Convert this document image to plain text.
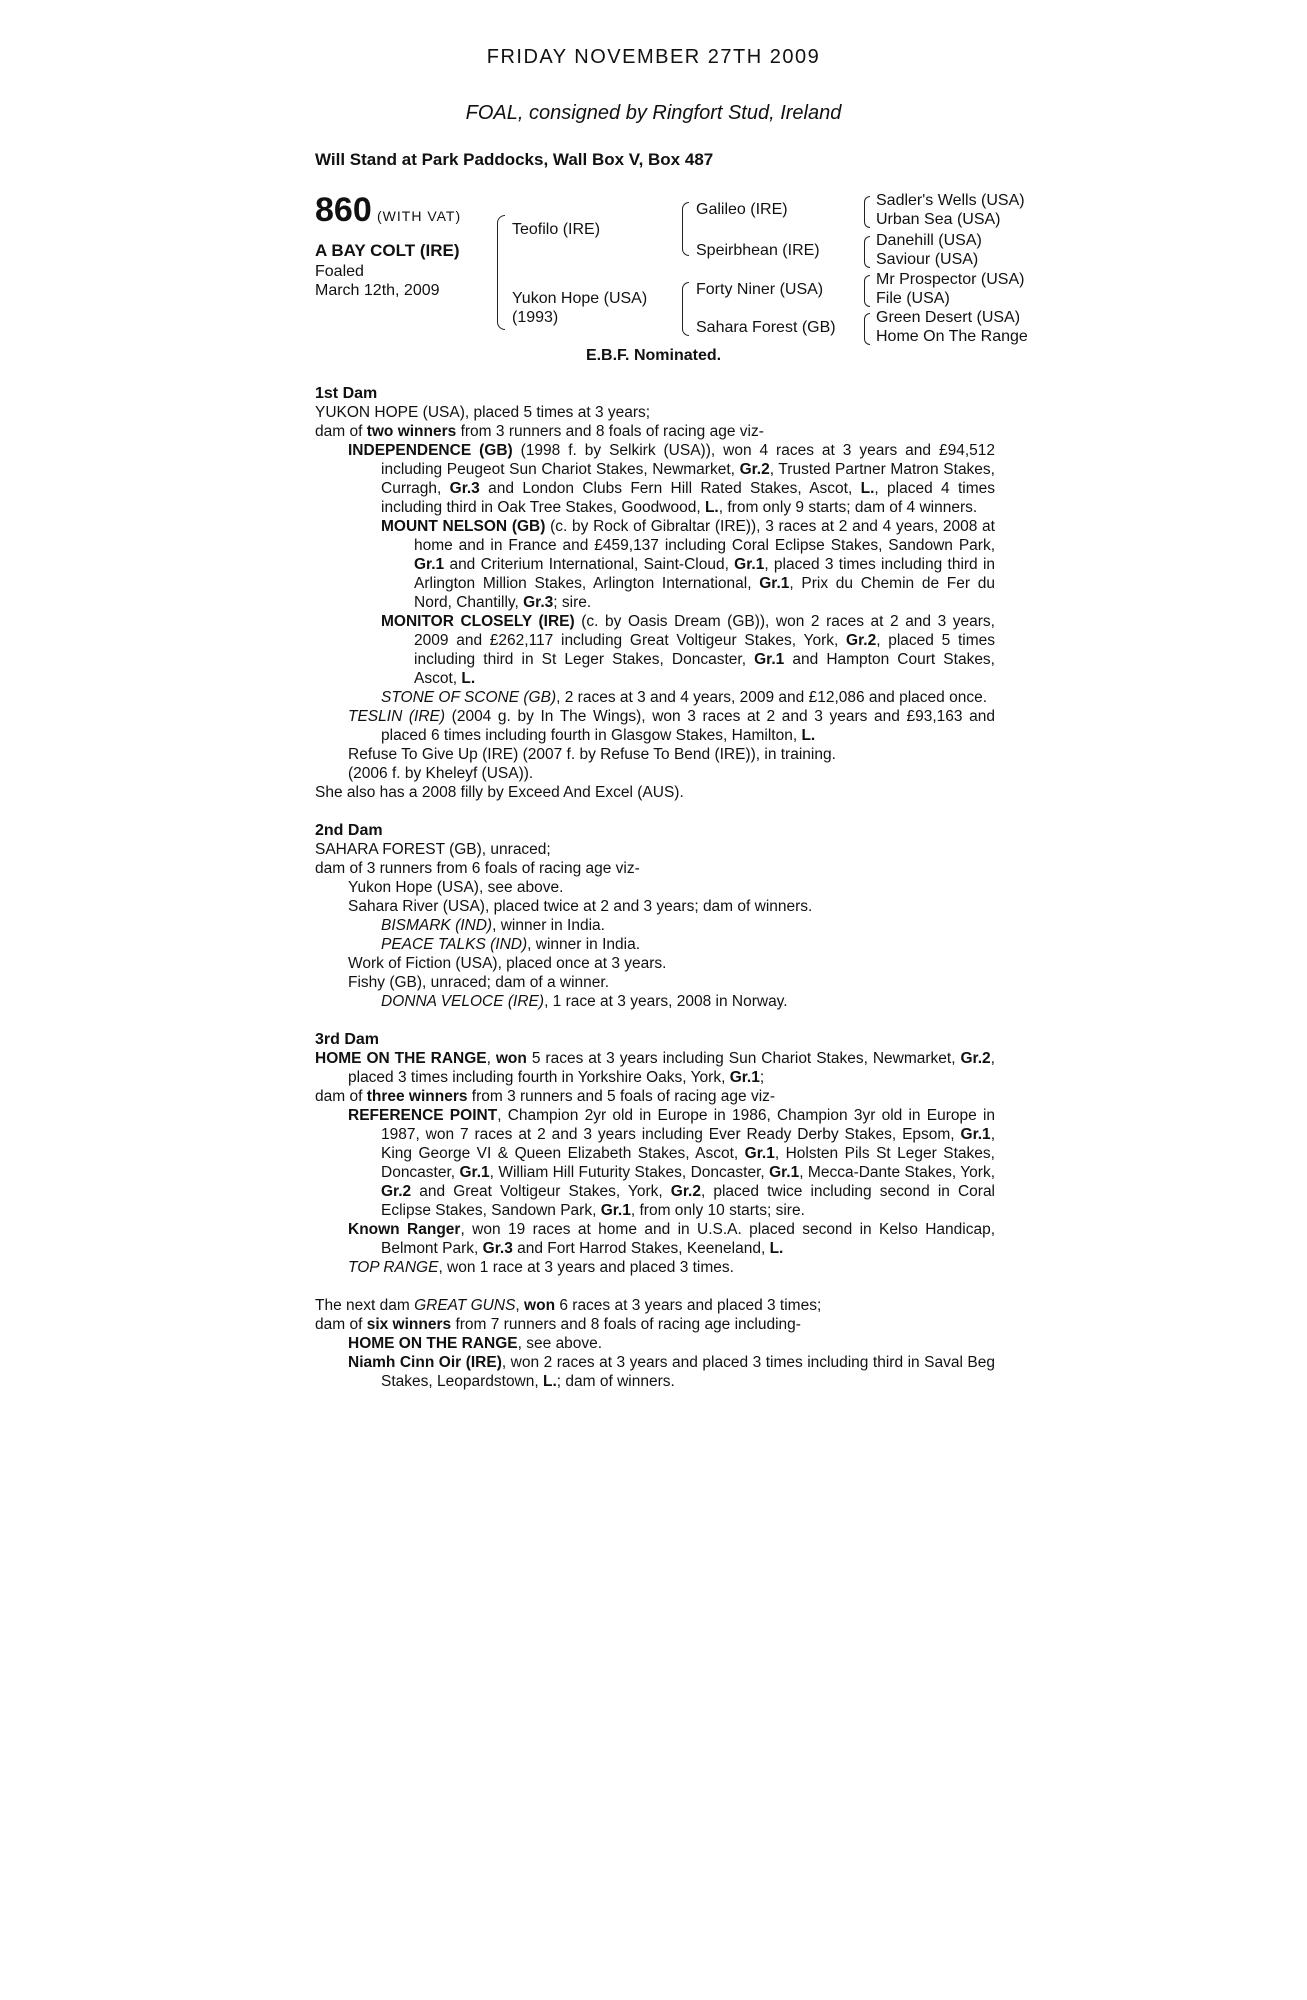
FRIDAY NOVEMBER 27TH 2009
FOAL, consigned by Ringfort Stud, Ireland
Will Stand at Park Paddocks, Wall Box V, Box 487
860 (WITH VAT)
A BAY COLT (IRE)
Foaled
March 12th, 2009
Teofilo (IRE)
Yukon Hope (USA)
(1993)
Galileo (IRE)
Speirbhean (IRE)
Forty Niner (USA)
Sahara Forest (GB)
Sadler's Wells (USA)
Urban Sea (USA)
Danehill (USA)
Saviour (USA)
Mr Prospector (USA)
File (USA)
Green Desert (USA)
Home On The Range
E.B.F. Nominated.

1st Dam

YUKON HOPE (USA), placed 5 times at 3 years;

dam of two winners from 3 runners and 8 foals of racing age viz-

INDEPENDENCE (GB) (1998 f. by Selkirk (USA)), won 4 races at 3 years and £94,512 including Peugeot Sun Chariot Stakes, Newmarket, Gr.2, Trusted Partner Matron Stakes, Curragh, Gr.3 and London Clubs Fern Hill Rated Stakes, Ascot, L., placed 4 times including third in Oak Tree Stakes, Goodwood, L., from only 9 starts; dam of 4 winners.

MOUNT NELSON (GB) (c. by Rock of Gibraltar (IRE)), 3 races at 2 and 4 years, 2008 at home and in France and £459,137 including Coral Eclipse Stakes, Sandown Park, Gr.1 and Criterium International, Saint-Cloud, Gr.1, placed 3 times including third in Arlington Million Stakes, Arlington International, Gr.1, Prix du Chemin de Fer du Nord, Chantilly, Gr.3; sire.

MONITOR CLOSELY (IRE) (c. by Oasis Dream (GB)), won 2 races at 2 and 3 years, 2009 and £262,117 including Great Voltigeur Stakes, York, Gr.2, placed 5 times including third in St Leger Stakes, Doncaster, Gr.1 and Hampton Court Stakes, Ascot, L.

STONE OF SCONE (GB), 2 races at 3 and 4 years, 2009 and £12,086 and placed once.

TESLIN (IRE) (2004 g. by In The Wings), won 3 races at 2 and 3 years and £93,163 and placed 6 times including fourth in Glasgow Stakes, Hamilton, L.

Refuse To Give Up (IRE) (2007 f. by Refuse To Bend (IRE)), in training.

(2006 f. by Kheleyf (USA)).

She also has a 2008 filly by Exceed And Excel (AUS).

2nd Dam

SAHARA FOREST (GB), unraced;

dam of 3 runners from 6 foals of racing age viz-

Yukon Hope (USA), see above.

Sahara River (USA), placed twice at 2 and 3 years; dam of winners.

BISMARK (IND), winner in India.

PEACE TALKS (IND), winner in India.

Work of Fiction (USA), placed once at 3 years.

Fishy (GB), unraced; dam of a winner.

DONNA VELOCE (IRE), 1 race at 3 years, 2008 in Norway.

3rd Dam

HOME ON THE RANGE, won 5 races at 3 years including Sun Chariot Stakes, Newmarket, Gr.2, placed 3 times including fourth in Yorkshire Oaks, York, Gr.1;

dam of three winners from 3 runners and 5 foals of racing age viz-

REFERENCE POINT, Champion 2yr old in Europe in 1986, Champion 3yr old in Europe in 1987, won 7 races at 2 and 3 years including Ever Ready Derby Stakes, Epsom, Gr.1, King George VI & Queen Elizabeth Stakes, Ascot, Gr.1, Holsten Pils St Leger Stakes, Doncaster, Gr.1, William Hill Futurity Stakes, Doncaster, Gr.1, Mecca-Dante Stakes, York, Gr.2 and Great Voltigeur Stakes, York, Gr.2, placed twice including second in Coral Eclipse Stakes, Sandown Park, Gr.1, from only 10 starts; sire.

Known Ranger, won 19 races at home and in U.S.A. placed second in Kelso Handicap, Belmont Park, Gr.3 and Fort Harrod Stakes, Keeneland, L.

TOP RANGE, won 1 race at 3 years and placed 3 times.

The next dam GREAT GUNS, won 6 races at 3 years and placed 3 times;

dam of six winners from 7 runners and 8 foals of racing age including-

HOME ON THE RANGE, see above.

Niamh Cinn Oir (IRE), won 2 races at 3 years and placed 3 times including third in Saval Beg Stakes, Leopardstown, L.; dam of winners.
